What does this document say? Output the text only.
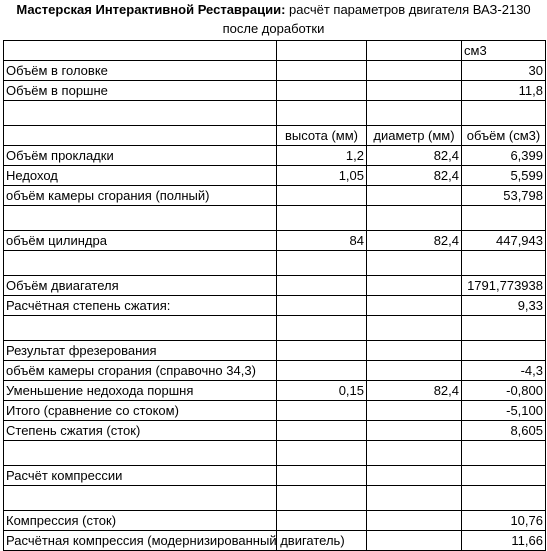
Мастерская Интерактивной Реставрации: расчёт параметров двигателя ВАЗ-2130
после доработки
			см3
Объём в головке			30
Объём в поршне			11,8

	высота (мм)	диаметр (мм)	объём (см3)
Объём прокладки	1,2	82,4	6,399
Недоход	1,05	82,4	5,599
объём камеры сгорания (полный)			53,798

объём цилиндра	84	82,4	447,943

Объём двиагателя			1791,773938
Расчётная степень сжатия:			9,33

Результат фрезерования			
объём камеры сгорания (справочно 34,3)			-4,3
Уменьшение недохода поршня	0,15	82,4	-0,800
Итого (сравнение со стоком)			-5,100
Степень сжатия (сток)			8,605

Расчёт компрессии			

Компрессия (сток)			10,76
Расчётная компрессия (модернизированный двигатель)			11,66
